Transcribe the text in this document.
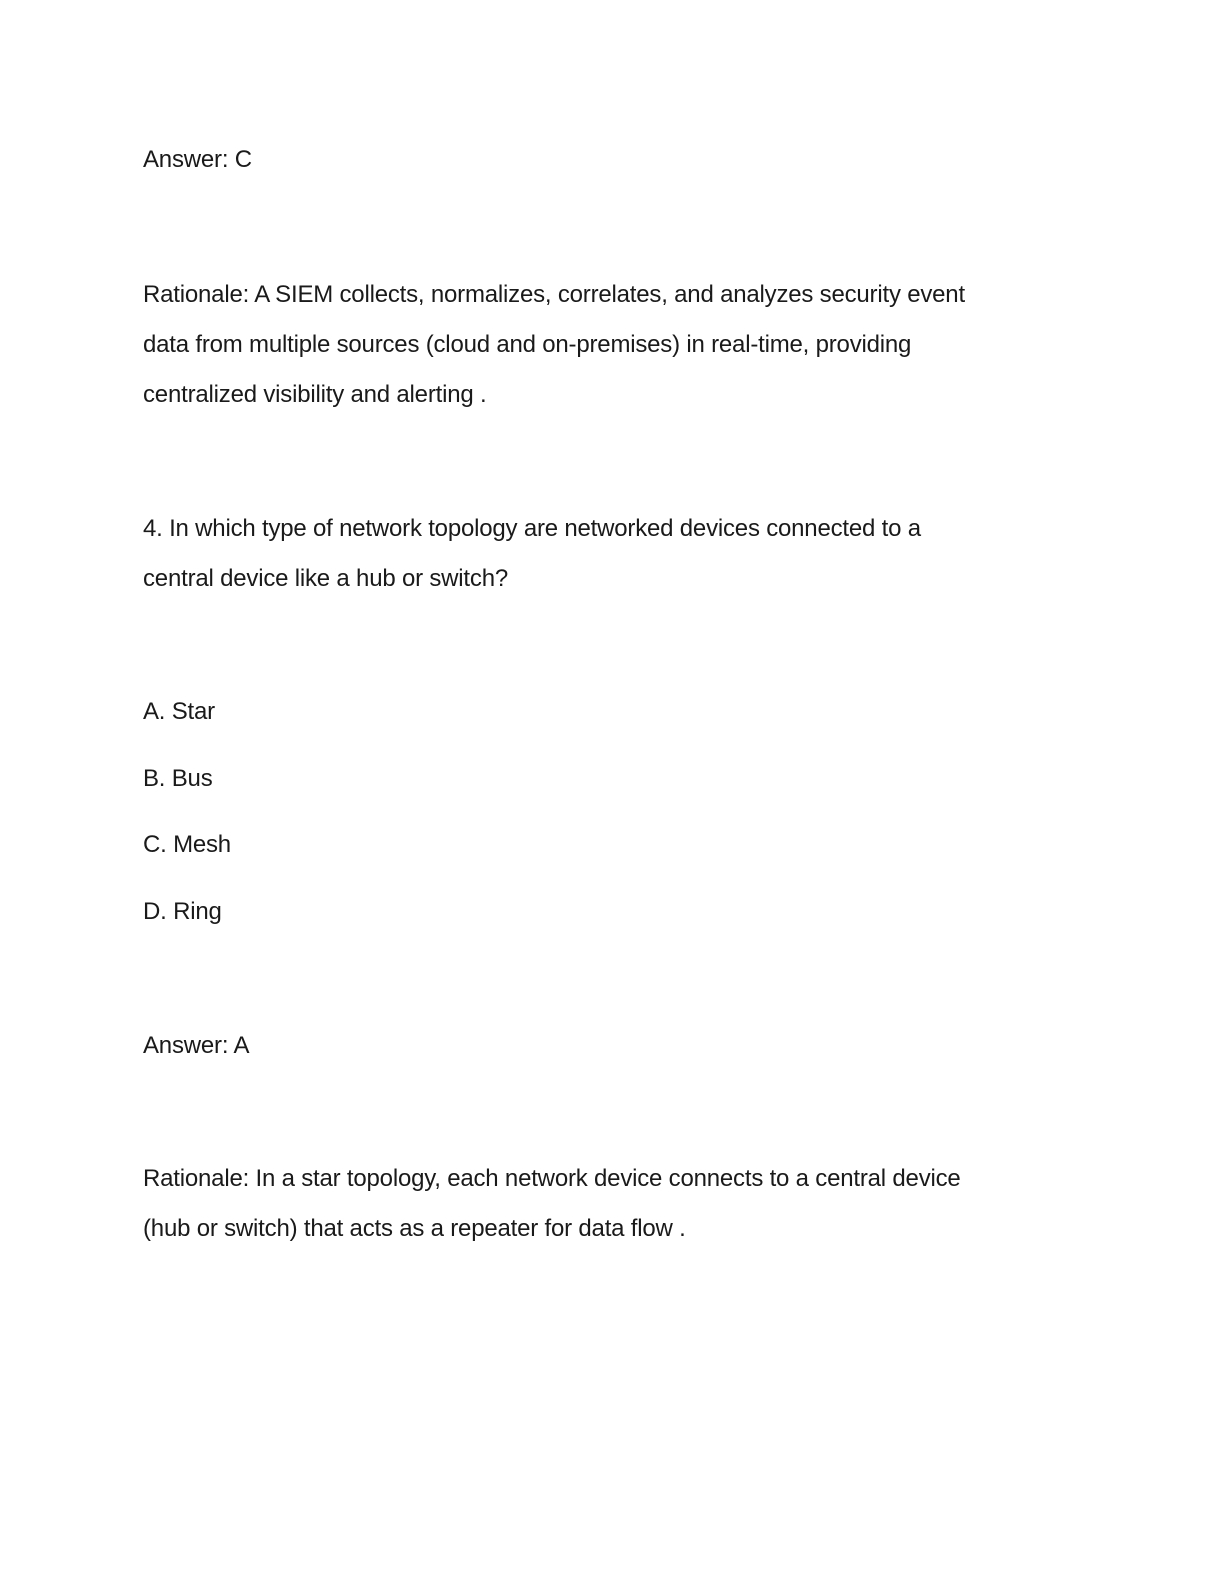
Answer: C
Rationale: A SIEM collects, normalizes, correlates, and analyzes security event
data from multiple sources (cloud and on-premises) in real-time, providing
centralized visibility and alerting .
4. In which type of network topology are networked devices connected to a
central device like a hub or switch?
A. Star
B. Bus
C. Mesh
D. Ring
Answer: A
Rationale: In a star topology, each network device connects to a central device
(hub or switch) that acts as a repeater for data flow .
